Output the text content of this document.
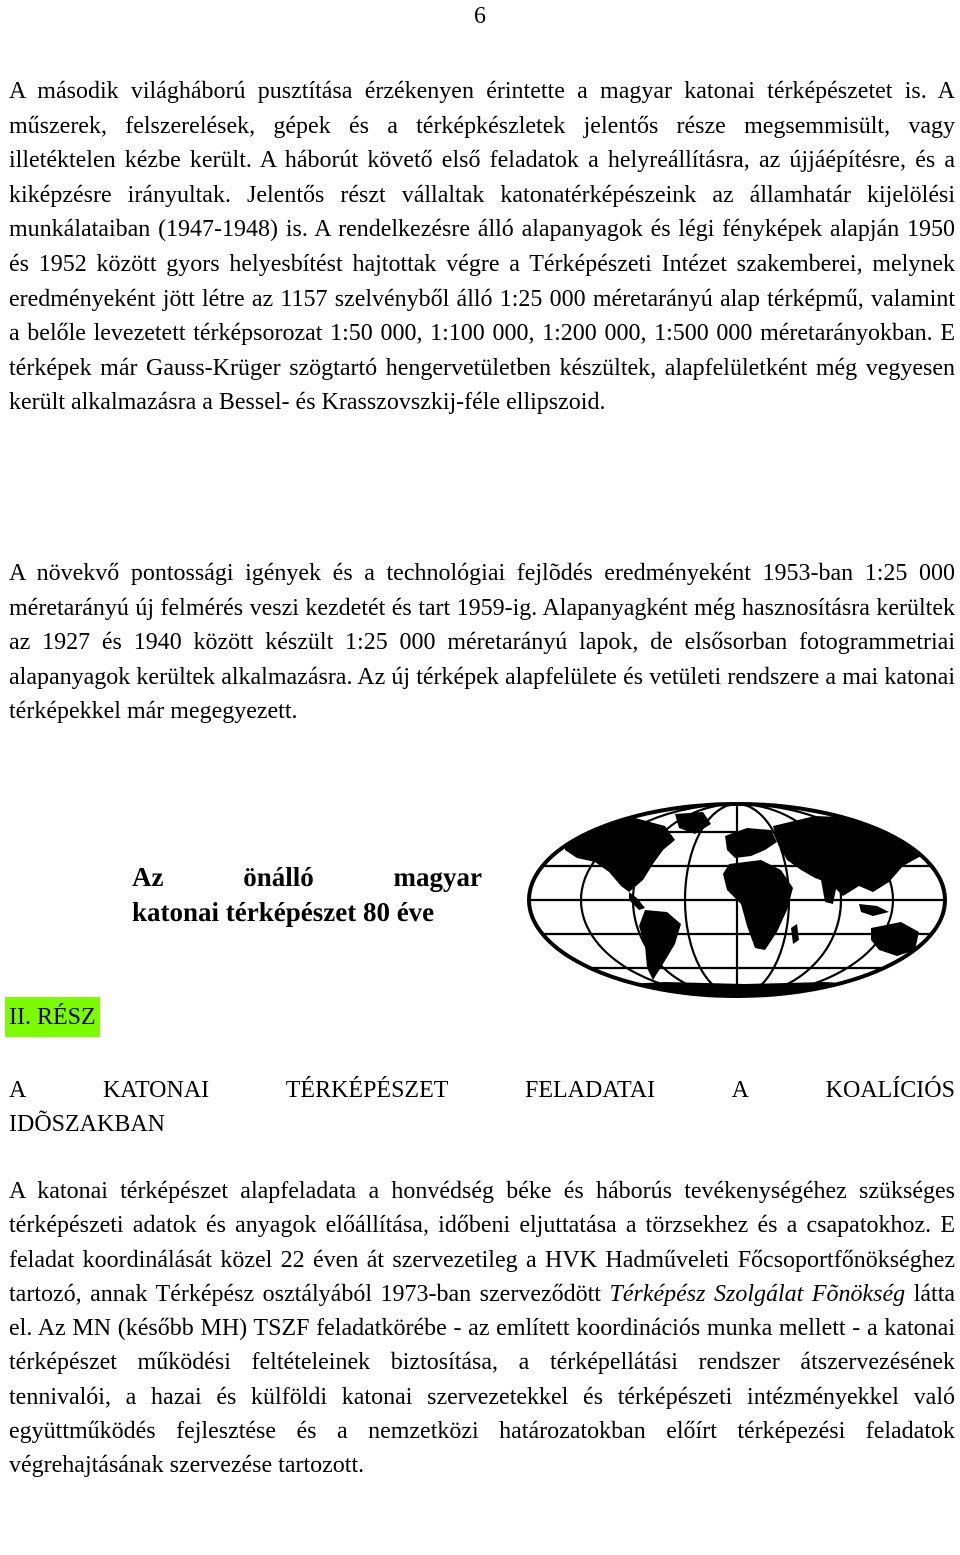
6

A második világháború pusztítása érzékenyen érintette a magyar katonai térképészetet is. A műszerek, felszerelések, gépek és a térképkészletek jelentős része megsemmisült, vagy illetéktelen kézbe került. A háborút követő első feladatok a helyreállításra, az újjáépítésre, és a kiképzésre irányultak. Jelentős részt vállaltak katonatérképészeink az államhatár kijelölési munkálataiban (1947-1948) is. A rendelkezésre álló alapanyagok és légi fényképek alapján 1950 és 1952 között gyors helyesbítést hajtottak végre a Térképészeti Intézet szakemberei, melynek eredményeként jött létre az 1157 szelvényből álló 1:25 000 méretarányú alap térképmű, valamint a belőle levezetett térképsorozat 1:50 000, 1:100 000, 1:200 000, 1:500 000 méretarányokban. E térképek már Gauss-Krüger szögtartó hengervetületben készültek, alapfelületként még vegyesen került alkalmazásra a Bessel- és Krasszovszkij-féle ellipszoid.

A növekvő pontossági igények és a technológiai fejlõdés eredményeként 1953-ban 1:25 000 méretarányú új felmérés veszi kezdetét és tart 1959-ig. Alapanyagként még hasznosításra kerültek az 1927 és 1940 között készült 1:25 000 méretarányú lapok, de elsősorban fotogrammetriai alapanyagok kerültek alkalmazásra. Az új térképek alapfelülete és vetületi rendszere a mai katonai térképekkel már megegyezett.

Az	önálló	magyar
katonai térképészet 80 éve
II. RÉSZ
A	KATONAI	TÉRKÉPÉSZET	FELADATAI	A	KOALÍCIÓS
IDÕSZAKBAN

A katonai térképészet alapfeladata a honvédség béke és háborús tevékenységéhez szükséges térképészeti adatok és anyagok előállítása, időbeni eljuttatása a törzsekhez és a csapatokhoz. E feladat koordinálását közel 22 éven át szervezetileg a HVK Hadműveleti Főcsoportfőnökséghez tartozó, annak Térképész osztályából 1973-ban szerveződött Térképész Szolgálat Fõnökség látta el. Az MN (később MH) TSZF feladatkörébe - az említett koordinációs munka mellett - a katonai térképészet működési feltételeinek biztosítása, a térképellátási rendszer átszervezésének tennivalói, a hazai és külföldi katonai szervezetekkel és térképészeti intézményekkel való együttműködés fejlesztése és a nemzetközi határozatokban előírt térképezési feladatok végrehajtásának szervezése tartozott.
